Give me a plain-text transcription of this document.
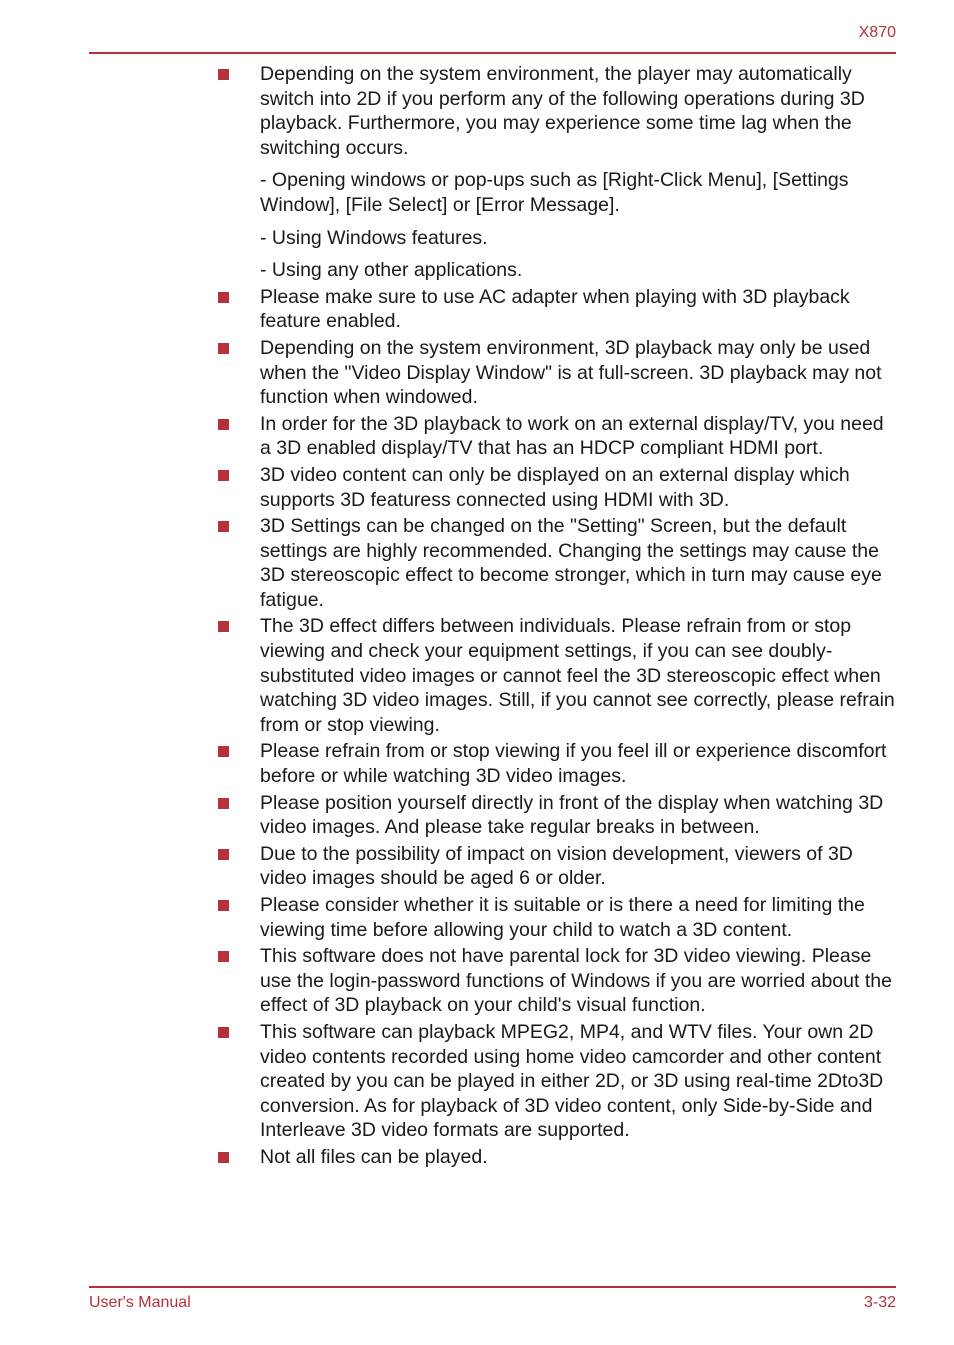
X870
Depending on the system environment, the player may automatically switch into 2D if you perform any of the following operations during 3D playback. Furthermore, you may experience some time lag when the switching occurs.
- Opening windows or pop-ups such as [Right-Click Menu], [Settings Window], [File Select] or [Error Message].
- Using Windows features.
- Using any other applications.
Please make sure to use AC adapter when playing with 3D playback feature enabled.
Depending on the system environment, 3D playback may only be used when the "Video Display Window" is at full-screen. 3D playback may not function when windowed.
In order for the 3D playback to work on an external display/TV, you need a 3D enabled display/TV that has an HDCP compliant HDMI port.
3D video content can only be displayed on an external display which supports 3D featuress connected using HDMI with 3D.
3D Settings can be changed on the "Setting" Screen, but the default settings are highly recommended. Changing the settings may cause the 3D stereoscopic effect to become stronger, which in turn may cause eye fatigue.
The 3D effect differs between individuals. Please refrain from or stop viewing and check your equipment settings, if you can see doubly-substituted video images or cannot feel the 3D stereoscopic effect when watching 3D video images. Still, if you cannot see correctly, please refrain from or stop viewing.
Please refrain from or stop viewing if you feel ill or experience discomfort before or while watching 3D video images.
Please position yourself directly in front of the display when watching 3D video images. And please take regular breaks in between.
Due to the possibility of impact on vision development, viewers of 3D video images should be aged 6 or older.
Please consider whether it is suitable or is there a need for limiting the viewing time before allowing your child to watch a 3D content.
This software does not have parental lock for 3D video viewing. Please use the login-password functions of Windows if you are worried about the effect of 3D playback on your child's visual function.
This software can playback MPEG2, MP4, and WTV files. Your own 2D video contents recorded using home video camcorder and other content created by you can be played in either 2D, or 3D using real-time 2Dto3D conversion. As for playback of 3D video content, only Side-by-Side and Interleave 3D video formats are supported.
Not all files can be played.
User's Manual	3-32
